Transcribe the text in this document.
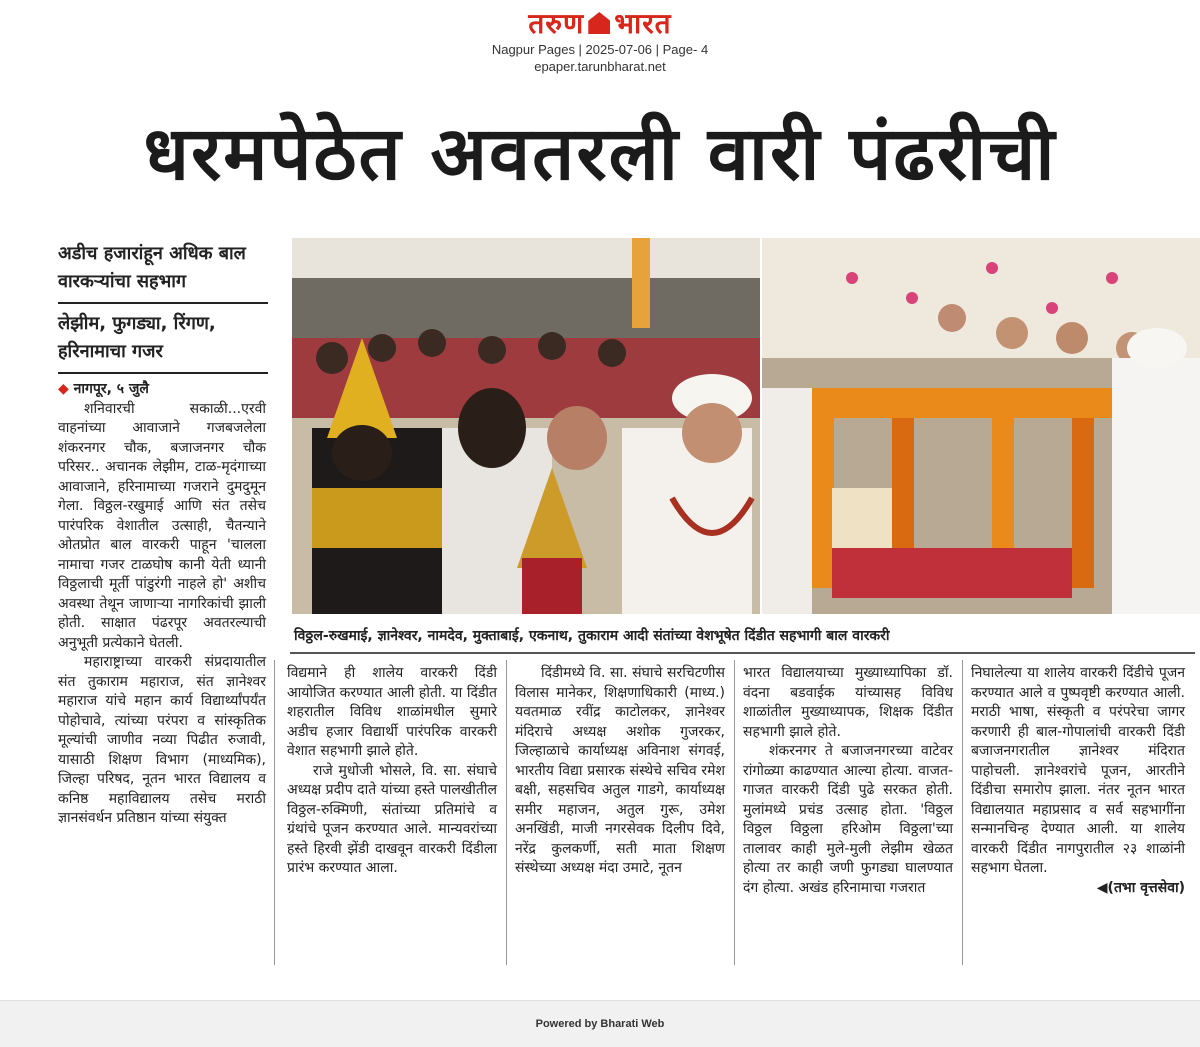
तरुण भारत
Nagpur Pages | 2025-07-06 | Page- 4
epaper.tarunbharat.net
धरमपेठेत अवतरली वारी पंढरीची
अडीच हजारांहून अधिक बाल वारकऱ्यांचा सहभाग
लेझीम, फुगड्या, रिंगण, हरिनामाचा गजर
विठ्ठल-रुखमाई, ज्ञानेश्वर, नामदेव, मुक्ताबाई, एकनाथ, तुकाराम आदी संतांच्या वेशभूषेत दिंडीत सहभागी बाल वारकरी

◆ नागपूर, ५ जुलै

शनिवारची सकाळी...एरवी वाहनांच्या आवाजाने गजबजलेला शंकरनगर चौक, बजाजनगर चौक परिसर.. अचानक लेझीम, टाळ-मृदंगाच्या आवाजाने, हरिनामाच्या गजराने दुमदुमून गेला. विठ्ठल-रखुमाई आणि संत तसेच पारंपरिक वेशातील उत्साही, चैतन्याने ओतप्रोत बाल वारकरी पाहून 'चालला नामाचा गजर टाळघोष कानी येती ध्यानी विठ्ठलाची मूर्ती पांडुरंगी नाहले हो' अशीच अवस्था तेथून जाणाऱ्या नागरिकांची झाली होती. साक्षात पंढरपूर अवतरल्याची अनुभूती प्रत्येकाने घेतली.

महाराष्ट्राच्या वारकरी संप्रदायातील संत तुकाराम महाराज, संत ज्ञानेश्वर महाराज यांचे महान कार्य विद्यार्थ्यांपर्यंत पोहोचावे, त्यांच्या परंपरा व सांस्कृतिक मूल्यांची जाणीव नव्या पिढीत रुजावी, यासाठी शिक्षण विभाग (माध्यमिक), जिल्हा परिषद, नूतन भारत विद्यालय व कनिष्ठ महाविद्यालय तसेच मराठी ज्ञानसंवर्धन प्रतिष्ठान यांच्या संयुक्त

विद्यमाने ही शालेय वारकरी दिंडी आयोजित करण्यात आली होती. या दिंडीत शहरातील विविध शाळांमधील सुमारे अडीच हजार विद्यार्थी पारंपरिक वारकरी वेशात सहभागी झाले होते.

राजे मुधोजी भोसले, वि. सा. संघाचे अध्यक्ष प्रदीप दाते यांच्या हस्ते पालखीतील विठ्ठल-रुक्मिणी, संतांच्या प्रतिमांचे व ग्रंथांचे पूजन करण्यात आले. मान्यवरांच्या हस्ते हिरवी झेंडी दाखवून वारकरी दिंडीला प्रारंभ करण्यात आला.

दिंडीमध्ये वि. सा. संघाचे सरचिटणीस विलास मानेकर, शिक्षणाधिकारी (माध्य.) यवतमाळ रवींद्र काटोलकर, ज्ञानेश्वर मंदिराचे अध्यक्ष अशोक गुजरकर, जिल्हाळाचे कार्याध्यक्ष अविनाश संगवई, भारतीय विद्या प्रसारक संस्थेचे सचिव रमेश बक्षी, सहसचिव अतुल गाडगे, कार्याध्यक्ष समीर महाजन, अतुल गुरू, उमेश अनखिंडी, माजी नगरसेवक दिलीप दिवे, नरेंद्र कुलकर्णी, सती माता शिक्षण संस्थेच्या अध्यक्ष मंदा उमाटे, नूतन

भारत विद्यालयाच्या मुख्याध्यापिका डॉ. वंदना बडवाईक यांच्यासह विविध शाळांतील मुख्याध्यापक, शिक्षक दिंडीत सहभागी झाले होते.

शंकरनगर ते बजाजनगरच्या वाटेवर रांगोळ्या काढण्यात आल्या होत्या. वाजत-गाजत वारकरी दिंडी पुढे सरकत होती. मुलांमध्ये प्रचंड उत्साह होता. 'विठ्ठल विठ्ठल विठ्ठला हरिओम विठ्ठला'च्या तालावर काही मुले-मुली लेझीम खेळत होत्या तर काही जणी फुगड्या घालण्यात दंग होत्या. अखंड हरिनामाचा गजरात

निघालेल्या या शालेय वारकरी दिंडीचे पूजन करण्यात आले व पुष्पवृष्टी करण्यात आली. मराठी भाषा, संस्कृती व परंपरेचा जागर करणारी ही बाल-गोपालांची वारकरी दिंडी बजाजनगरातील ज्ञानेश्वर मंदिरात पाहोचली. ज्ञानेश्वरांचे पूजन, आरतीने दिंडीचा समारोप झाला. नंतर नूतन भारत विद्यालयात महाप्रसाद व सर्व सहभागींना सन्मानचिन्ह देण्यात आली. या शालेय वारकरी दिंडीत नागपुरातील २३ शाळांनी सहभाग घेतला.

◀(तभा वृत्तसेवा)

Powered by Bharati Web
